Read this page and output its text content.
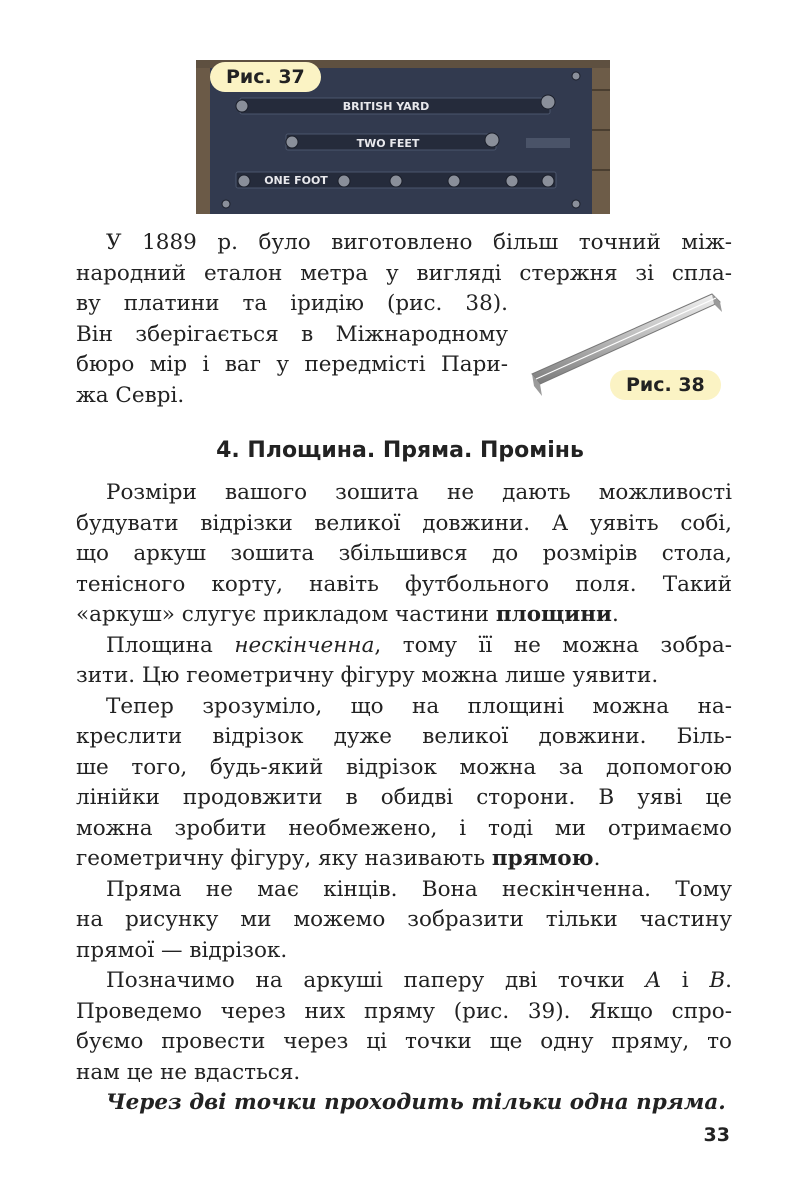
BRITISH YARD
TWO FEET
ONE FOOT
Рис. 37
У 1889 р. було виготовлено більш точний між-
народний еталон метра у вигляді стержня зі спла-
ву платини та іридію (рис. 38).
Він зберігається в Міжнародному
бюро мір і ваг у передмісті Пари-
жа Севрі.	Рис. 38
4. Площина. Пряма. Промінь
Розміри вашого зошита не дають можливості
будувати відрізки великої довжини. А уявіть собі,
що аркуш зошита збільшився до розмірів стола,
тенісного корту, навіть футбольного поля. Такий
«аркуш» слугує прикладом частини площини.
Площина нескінченна, тому її не можна зобра-
зити. Цю геометричну фігуру можна лише уявити.
Тепер зрозуміло, що на площині можна на-
креслити відрізок дуже великої довжини. Біль-
ше того, будь-який відрізок можна за допомогою
лінійки продовжити в обидві сторони. В уяві це
можна зробити необмежено, і тоді ми отримаємо
геометричну фігуру, яку називають прямою.
Пряма не має кінців. Вона нескінченна. Тому
на рисунку ми можемо зобразити тільки частину
прямої — відрізок.
Позначимо на аркуші паперу дві точки A і B.
Проведемо через них пряму (рис. 39). Якщо спро-
буємо провести через ці точки ще одну пряму, то
нам це не вдасться.
Через дві точки проходить тільки одна пряма.
33
